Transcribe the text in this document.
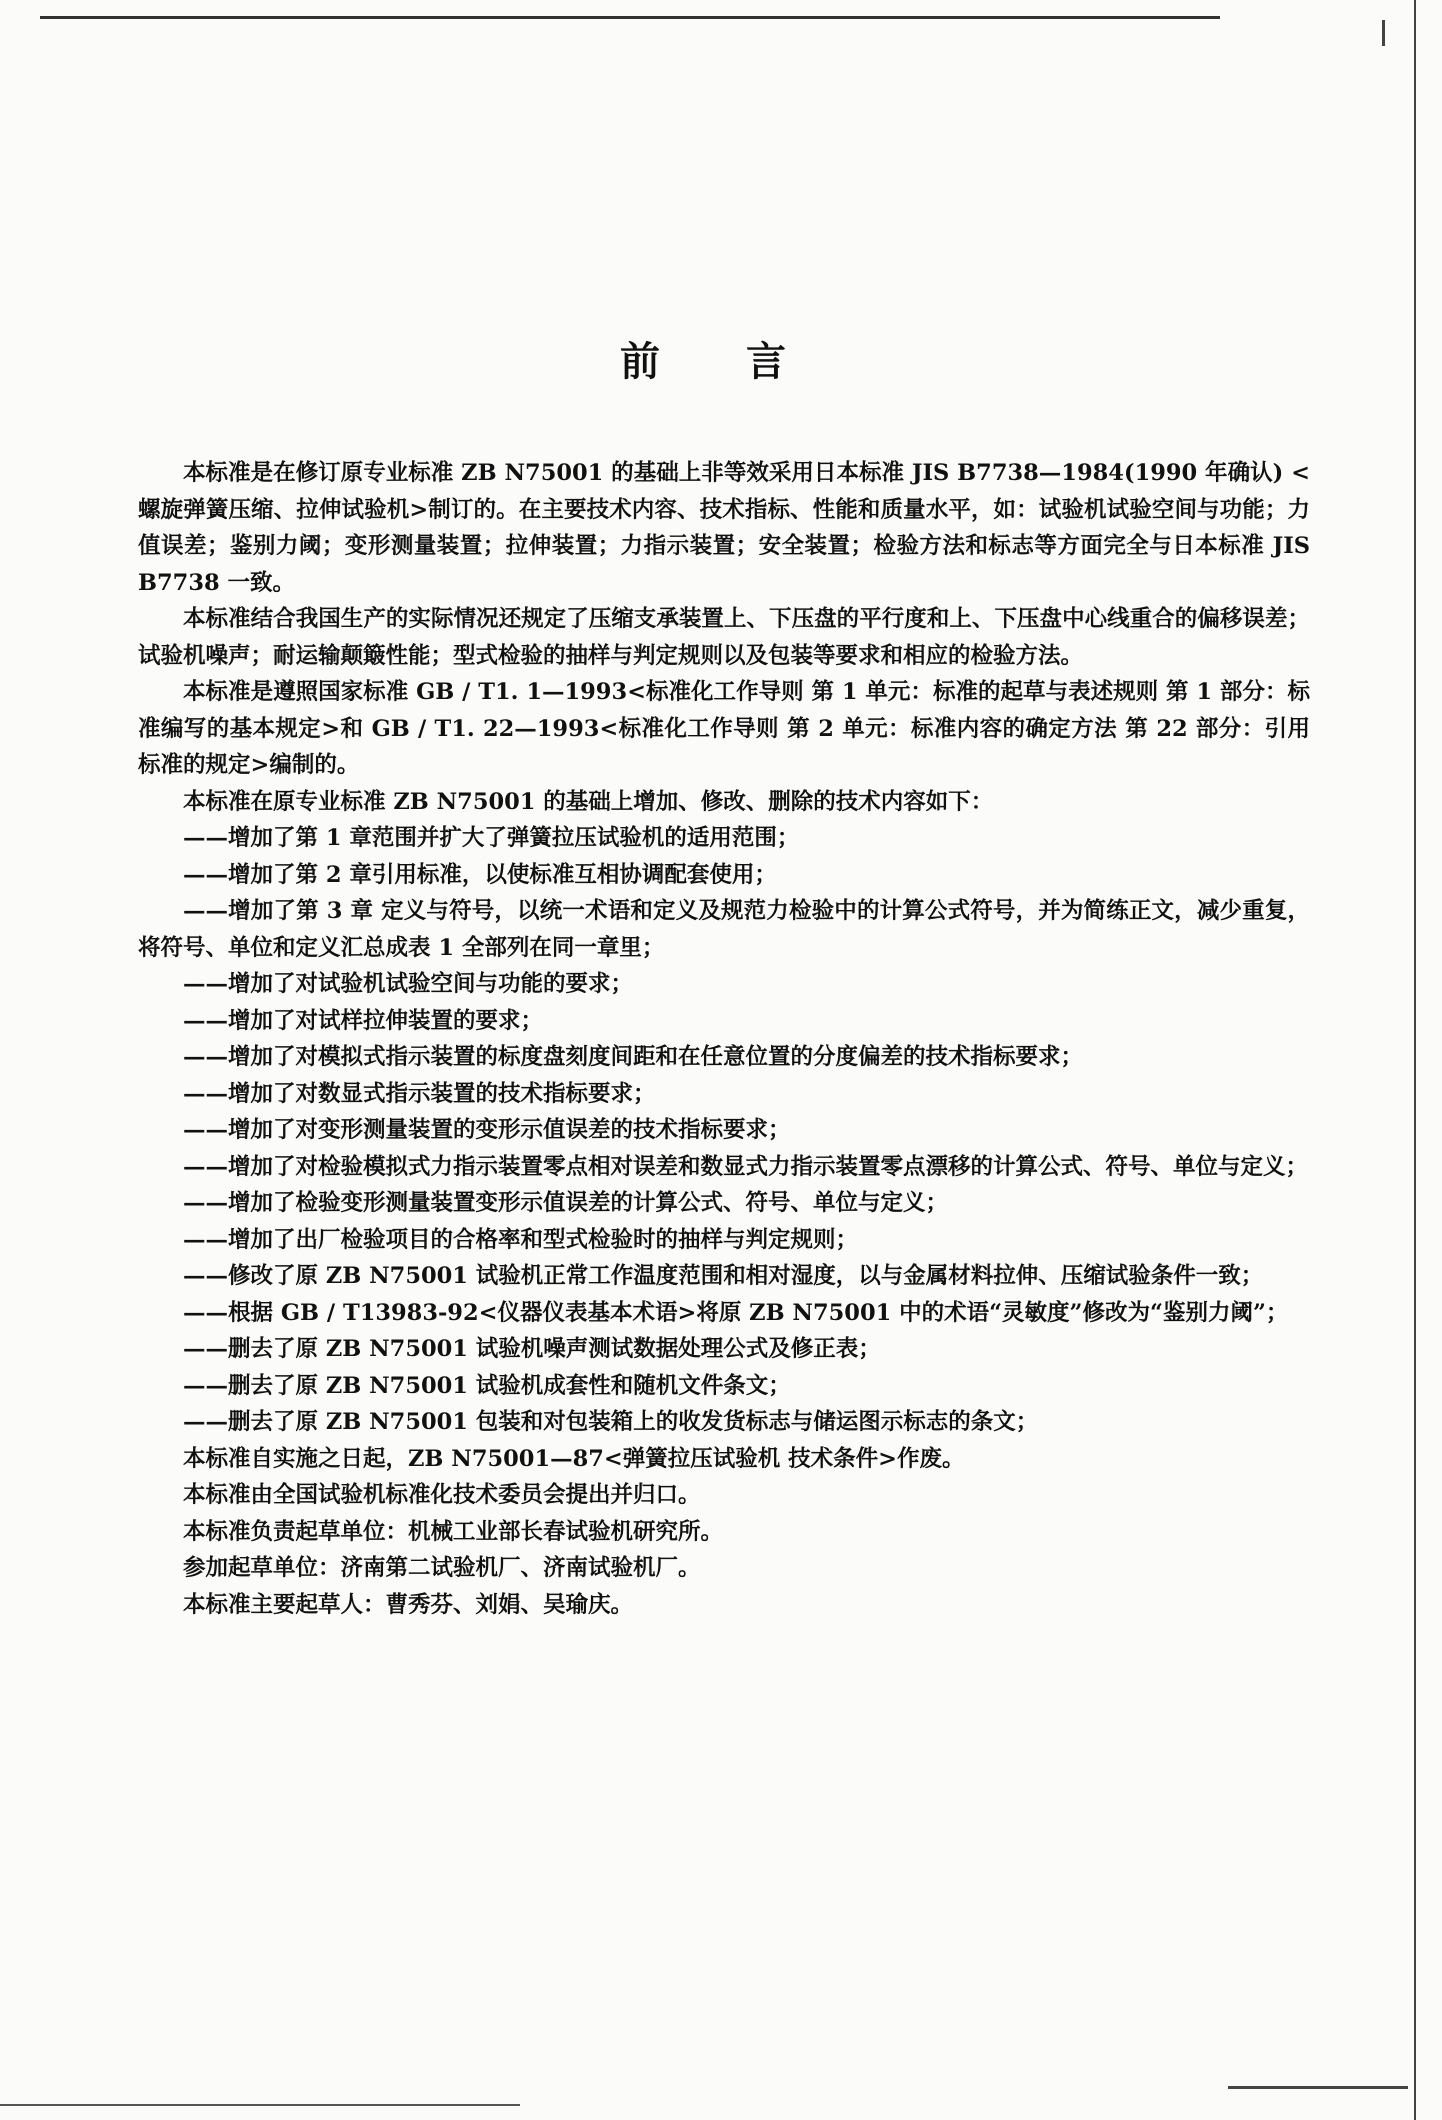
前 言

本标准是在修订原专业标准 ZB N75001 的基础上非等效采用日本标准 JIS B7738—1984(1990 年确认) <螺旋弹簧压缩、拉伸试验机>制订的。在主要技术内容、技术指标、性能和质量水平，如：试验机试验空间与功能；力值误差；鉴别力阈；变形测量装置；拉伸装置；力指示装置；安全装置；检验方法和标志等方面完全与日本标准 JIS B7738 一致。

本标准结合我国生产的实际情况还规定了压缩支承装置上、下压盘的平行度和上、下压盘中心线重合的偏移误差；试验机噪声；耐运输颠簸性能；型式检验的抽样与判定规则以及包装等要求和相应的检验方法。

本标准是遵照国家标准 GB / T1. 1—1993<标准化工作导则 第 1 单元：标准的起草与表述规则 第 1 部分：标准编写的基本规定>和 GB / T1. 22—1993<标准化工作导则 第 2 单元：标准内容的确定方法 第 22 部分：引用标准的规定>编制的。

本标准在原专业标准 ZB N75001 的基础上增加、修改、删除的技术内容如下：

——增加了第 1 章范围并扩大了弹簧拉压试验机的适用范围；

——增加了第 2 章引用标准，以使标准互相协调配套使用；

——增加了第 3 章 定义与符号，以统一术语和定义及规范力检验中的计算公式符号，并为简练正文，减少重复，将符号、单位和定义汇总成表 1 全部列在同一章里；

——增加了对试验机试验空间与功能的要求；

——增加了对试样拉伸装置的要求；

——增加了对模拟式指示装置的标度盘刻度间距和在任意位置的分度偏差的技术指标要求；

——增加了对数显式指示装置的技术指标要求；

——增加了对变形测量装置的变形示值误差的技术指标要求；

——增加了对检验模拟式力指示装置零点相对误差和数显式力指示装置零点漂移的计算公式、符号、单位与定义；

——增加了检验变形测量装置变形示值误差的计算公式、符号、单位与定义；

——增加了出厂检验项目的合格率和型式检验时的抽样与判定规则；

——修改了原 ZB N75001 试验机正常工作温度范围和相对湿度，以与金属材料拉伸、压缩试验条件一致；

——根据 GB / T13983-92<仪器仪表基本术语>将原 ZB N75001 中的术语“灵敏度”修改为“鉴别力阈”；

——删去了原 ZB N75001 试验机噪声测试数据处理公式及修正表；

——删去了原 ZB N75001 试验机成套性和随机文件条文；

——删去了原 ZB N75001 包装和对包装箱上的收发货标志与储运图示标志的条文；

本标准自实施之日起，ZB N75001—87<弹簧拉压试验机 技术条件>作废。

本标准由全国试验机标准化技术委员会提出并归口。

本标准负责起草单位：机械工业部长春试验机研究所。

参加起草单位：济南第二试验机厂、济南试验机厂。

本标准主要起草人：曹秀芬、刘娟、吴瑜庆。
